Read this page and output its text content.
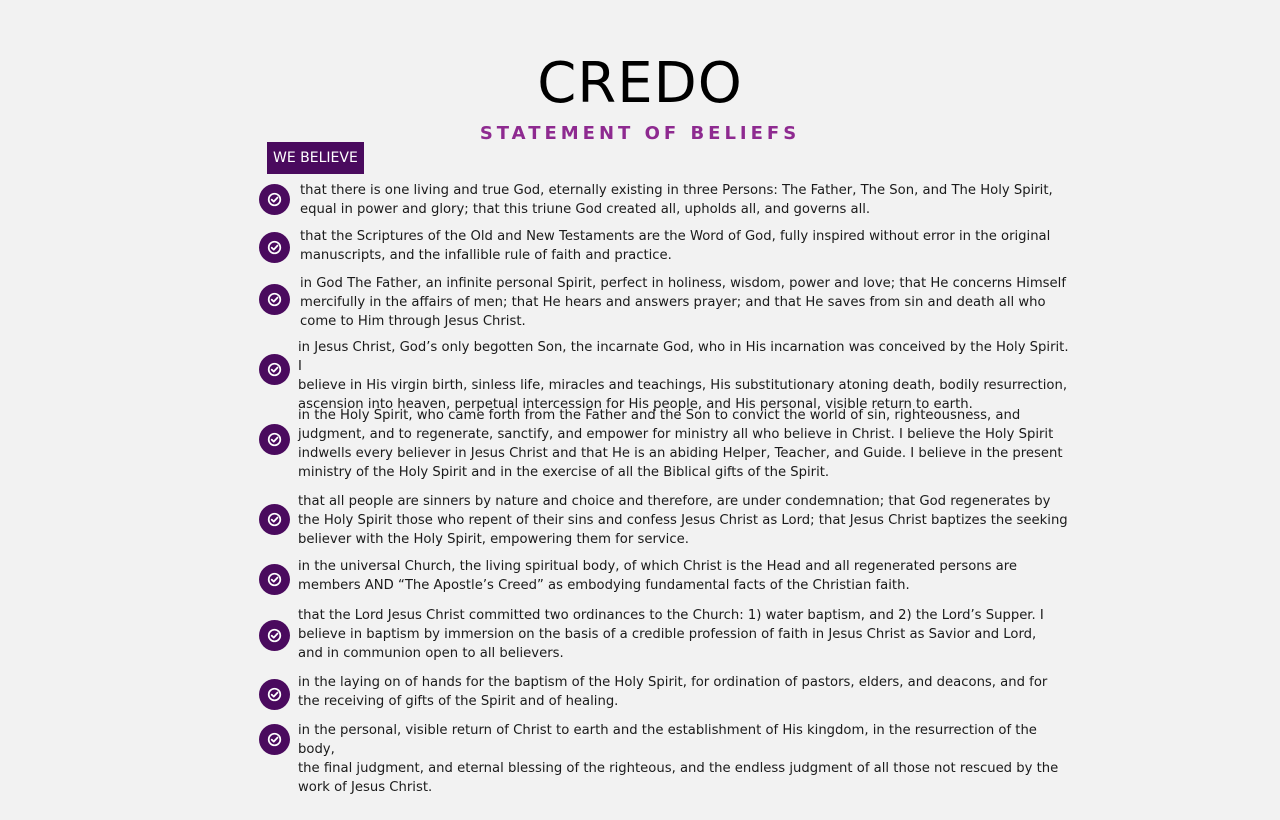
CREDO
STATEMENT OF BELIEFS
WE BELIEVE

that there is one living and true God, eternally existing in three Persons: The Father, The Son, and The Holy Spirit,
equal in power and glory; that this triune God created all, upholds all, and governs all.

that the Scriptures of the Old and New Testaments are the Word of God, fully inspired without error in the original
manuscripts, and the infallible rule of faith and practice.

in God The Father, an infinite personal Spirit, perfect in holiness, wisdom, power and love; that He concerns Himself
mercifully in the affairs of men; that He hears and answers prayer; and that He saves from sin and death all who
come to Him through Jesus Christ.

in Jesus Christ, God’s only begotten Son, the incarnate God, who in His incarnation was conceived by the Holy Spirit. I
believe in His virgin birth, sinless life, miracles and teachings, His substitutionary atoning death, bodily resurrection,
ascension into heaven, perpetual intercession for His people, and His personal, visible return to earth.

in the Holy Spirit, who came forth from the Father and the Son to convict the world of sin, righteousness, and
judgment, and to regenerate, sanctify, and empower for ministry all who believe in Christ. I believe the Holy Spirit
indwells every believer in Jesus Christ and that He is an abiding Helper, Teacher, and Guide. I believe in the present
ministry of the Holy Spirit and in the exercise of all the Biblical gifts of the Spirit.

that all people are sinners by nature and choice and therefore, are under condemnation; that God regenerates by
the Holy Spirit those who repent of their sins and confess Jesus Christ as Lord; that Jesus Christ baptizes the seeking
believer with the Holy Spirit, empowering them for service.

in the universal Church, the living spiritual body, of which Christ is the Head and all regenerated persons are
members AND “The Apostle’s Creed” as embodying fundamental facts of the Christian faith.

that the Lord Jesus Christ committed two ordinances to the Church: 1) water baptism, and 2) the Lord’s Supper. I
believe in baptism by immersion on the basis of a credible profession of faith in Jesus Christ as Savior and Lord,
and in communion open to all believers.

in the laying on of hands for the baptism of the Holy Spirit, for ordination of pastors, elders, and deacons, and for
the receiving of gifts of the Spirit and of healing.

in the personal, visible return of Christ to earth and the establishment of His kingdom, in the resurrection of the body,
the final judgment, and eternal blessing of the righteous, and the endless judgment of all those not rescued by the
work of Jesus Christ.
